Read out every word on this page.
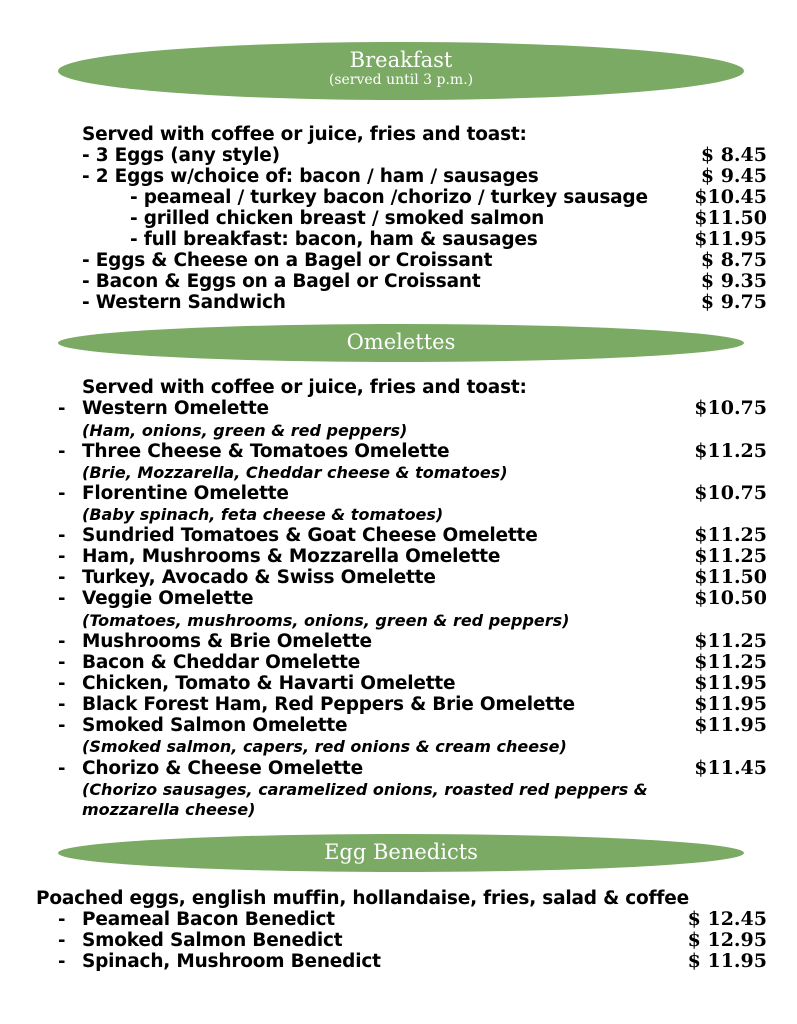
Breakfast
(served until 3 p.m.)
Served with coffee or juice, fries and toast:
- 3 Eggs (any style)	$ 8.45
- 2 Eggs w/choice of: bacon / ham / sausages	$ 9.45
- peameal / turkey bacon /chorizo / turkey sausage $10.45
- grilled chicken breast / smoked salmon	$11.50
- full breakfast: bacon, ham & sausages	$11.95
- Eggs & Cheese on a Bagel or Croissant	$ 8.75
- Bacon & Eggs on a Bagel or Croissant	$ 9.35
- Western Sandwich	$ 9.75
Omelettes
Served with coffee or juice, fries and toast:
- Western Omelette	$10.75
(Ham, onions, green & red peppers)
- Three Cheese & Tomatoes Omelette	$11.25
(Brie, Mozzarella, Cheddar cheese & tomatoes)
- Florentine Omelette	$10.75
(Baby spinach, feta cheese & tomatoes)
- Sundried Tomatoes & Goat Cheese Omelette	$11.25
- Ham, Mushrooms & Mozzarella Omelette	$11.25
- Turkey, Avocado & Swiss Omelette	$11.50
- Veggie Omelette	$10.50
(Tomatoes, mushrooms, onions, green & red peppers)
- Mushrooms & Brie Omelette	$11.25
- Bacon & Cheddar Omelette	$11.25
- Chicken, Tomato & Havarti Omelette	$11.95
- Black Forest Ham, Red Peppers & Brie Omelette	$11.95
- Smoked Salmon Omelette	$11.95
(Smoked salmon, capers, red onions & cream cheese)
- Chorizo & Cheese Omelette	$11.45
(Chorizo sausages, caramelized onions, roasted red peppers &
mozzarella cheese)
Egg Benedicts
Poached eggs, english muffin, hollandaise, fries, salad & coffee
- Peameal Bacon Benedict	$ 12.45
- Smoked Salmon Benedict	$ 12.95
- Spinach, Mushroom Benedict	$ 11.95
